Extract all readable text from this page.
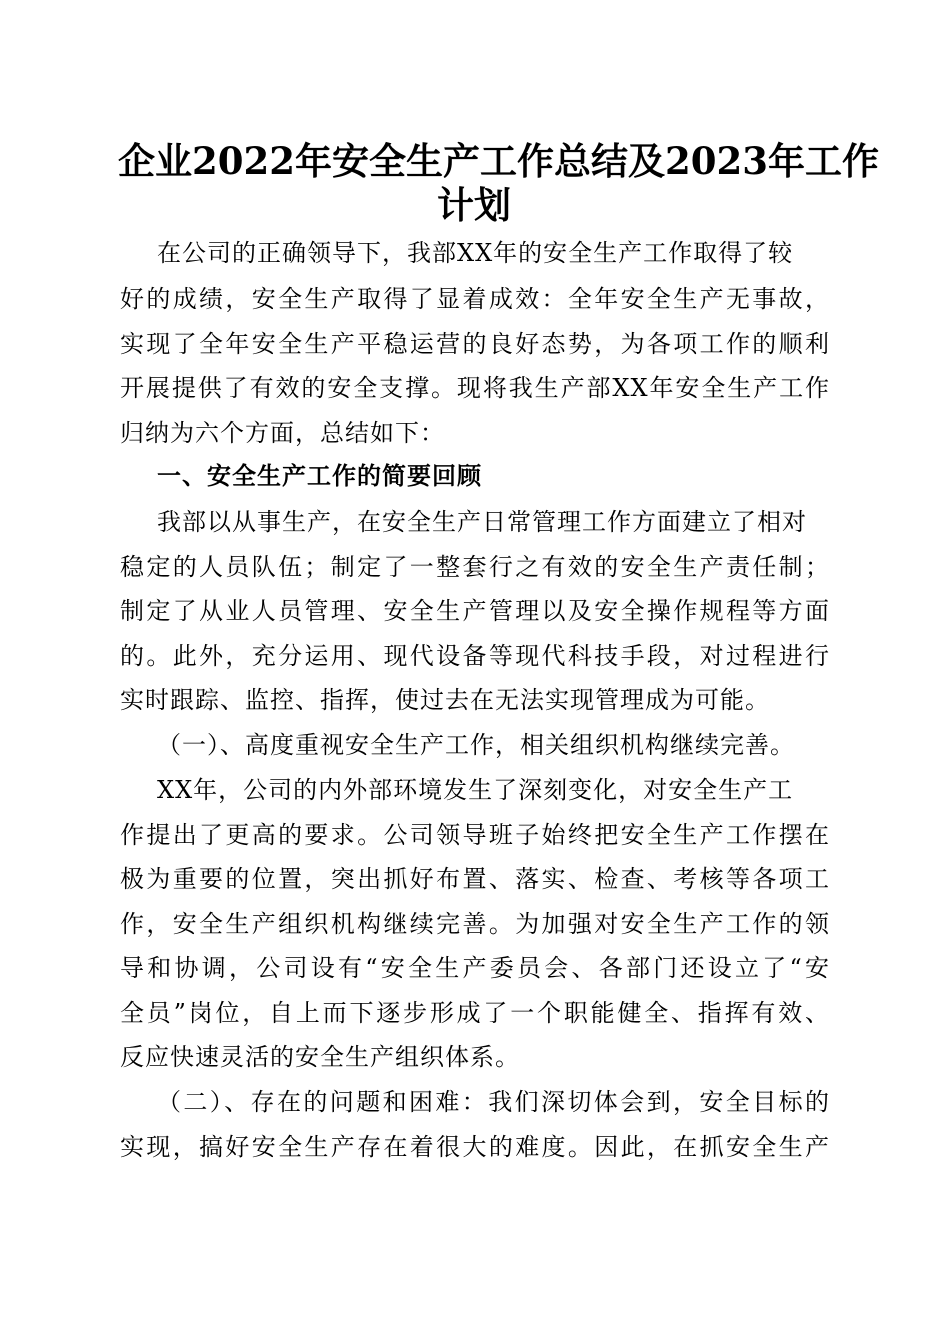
企业2022年安全生产工作总结及2023年工作
计划
在公司的正确领导下，我部XX年的安全生产工作取得了较
好的成绩，安全生产取得了显着成效：全年安全生产无事故，
实现了全年安全生产平稳运营的良好态势，为各项工作的顺利
开展提供了有效的安全支撑。现将我生产部XX年安全生产工作
归纳为六个方面，总结如下：
一、安全生产工作的简要回顾
我部以从事生产，在安全生产日常管理工作方面建立了相对
稳定的人员队伍；制定了一整套行之有效的安全生产责任制；
制定了从业人员管理、安全生产管理以及安全操作规程等方面
的。此外，充分运用、现代设备等现代科技手段，对过程进行
实时跟踪、监控、指挥，使过去在无法实现管理成为可能。
（一）、高度重视安全生产工作，相关组织机构继续完善。
XX年，公司的内外部环境发生了深刻变化，对安全生产工
作提出了更高的要求。公司领导班子始终把安全生产工作摆在
极为重要的位置，突出抓好布置、落实、检查、考核等各项工
作，安全生产组织机构继续完善。为加强对安全生产工作的领
导和协调，公司设有“安全生产委员会、各部门还设立了“安
全员”岗位，自上而下逐步形成了一个职能健全、指挥有效、
反应快速灵活的安全生产组织体系。
（二）、存在的问题和困难：我们深切体会到，安全目标的
实现，搞好安全生产存在着很大的难度。因此，在抓安全生产
